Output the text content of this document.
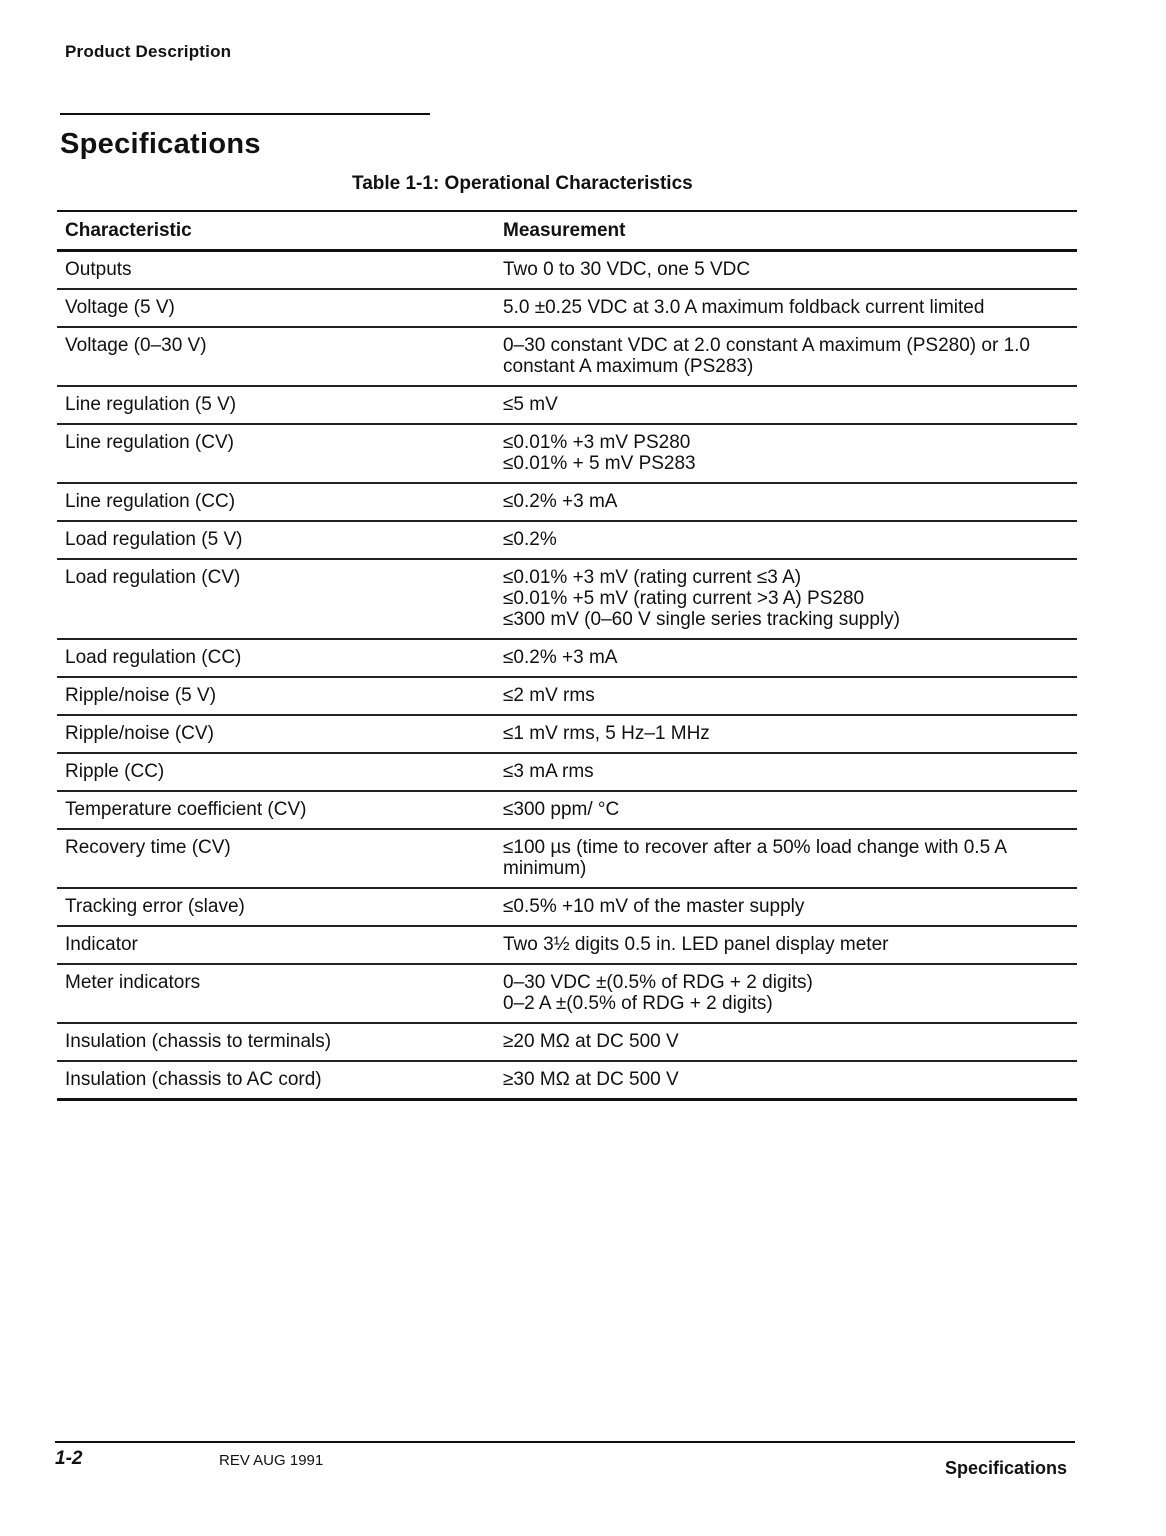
Product Description
Specifications
Table 1-1: Operational Characteristics
Characteristic	Measurement
Outputs	Two 0 to 30 VDC, one 5 VDC

Voltage (5 V)	5.0 ±0.25 VDC at 3.0 A maximum foldback current limited

Voltage (0–30 V)	0–30 constant VDC at 2.0 constant A maximum (PS280) or 1.0 constant A maximum (PS283)

Line regulation (5 V)	≤5 mV

Line regulation (CV)	≤0.01% +3 mV PS280
≤0.01% + 5 mV PS283

Line regulation (CC)	≤0.2% +3 mA

Load regulation (5 V)	≤0.2%

Load regulation (CV)	≤0.01% +3 mV (rating current ≤3 A)
≤0.01% +5 mV (rating current >3 A) PS280
≤300 mV (0–60 V single series tracking supply)

Load regulation (CC)	≤0.2% +3 mA

Ripple/noise (5 V)	≤2 mV rms

Ripple/noise (CV)	≤1 mV rms, 5 Hz–1 MHz

Ripple (CC)	≤3 mA rms

Temperature coefficient (CV)	≤300 ppm/ °C

Recovery time (CV)	≤100 µs (time to recover after a 50% load change with 0.5 A minimum)

Tracking error (slave)	≤0.5% +10 mV of the master supply

Indicator	Two 3½ digits 0.5 in. LED panel display meter

Meter indicators	0–30 VDC ±(0.5% of RDG + 2 digits)
0–2 A ±(0.5% of RDG + 2 digits)

Insulation (chassis to terminals)	≥20 MΩ at DC 500 V

Insulation (chassis to AC cord)	≥30 MΩ at DC 500 V
1-2	REV AUG 1991	Specifications
